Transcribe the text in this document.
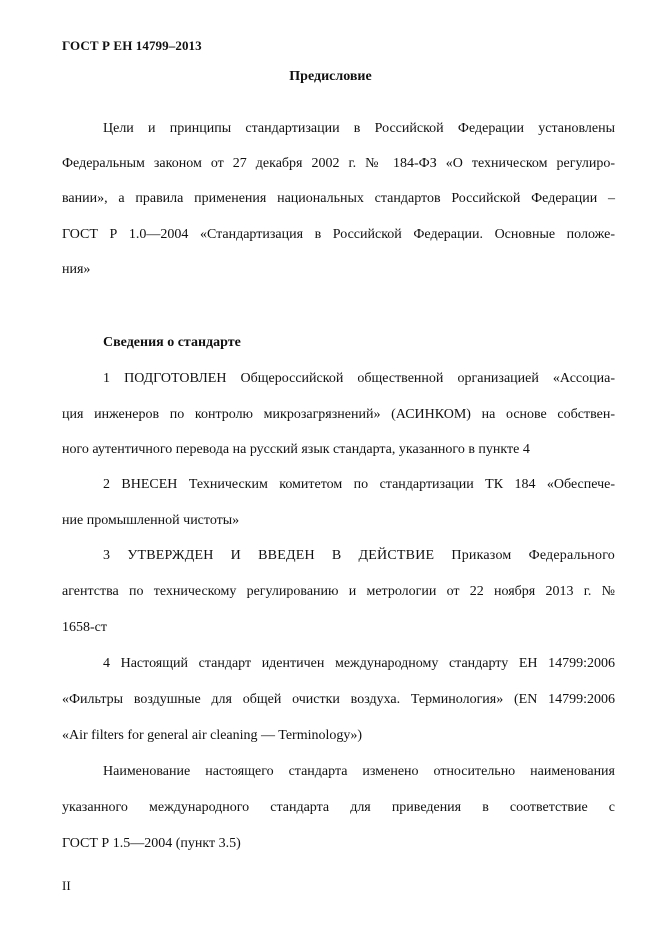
ГОСТ Р ЕН 14799–2013
Предисловие
Цели и принципы стандартизации в Российской Федерации установлены
Федеральным законом от 27 декабря 2002 г. № 184-ФЗ «О техническом регулиро-
вании», а правила применения национальных стандартов Российской Федерации –
ГОСТ Р 1.0—2004 «Стандартизация в Российской Федерации. Основные положе-
ния»
Сведения о стандарте
1 ПОДГОТОВЛЕН Общероссийской общественной организацией «Ассоциа-
ция инженеров по контролю микрозагрязнений» (АСИНКОМ) на основе собствен-
ного аутентичного перевода на русский язык стандарта, указанного в пункте 4
2 ВНЕСЕН Техническим комитетом по стандартизации ТК 184 «Обеспече-
ние промышленной чистоты»
3 УТВЕРЖДЕН И ВВЕДЕН В ДЕЙСТВИЕ Приказом Федерального
агентства по техническому регулированию и метрологии от 22 ноября 2013 г. №
1658-ст
4 Настоящий стандарт идентичен международному стандарту ЕН 14799:2006
«Фильтры воздушные для общей очистки воздуха. Терминология» (EN 14799:2006
«Air filters for general air cleaning — Terminology»)
Наименование настоящего стандарта изменено относительно наименования
указанного международного стандарта для приведения в соответствие с
ГОСТ Р 1.5—2004 (пункт 3.5)
II
